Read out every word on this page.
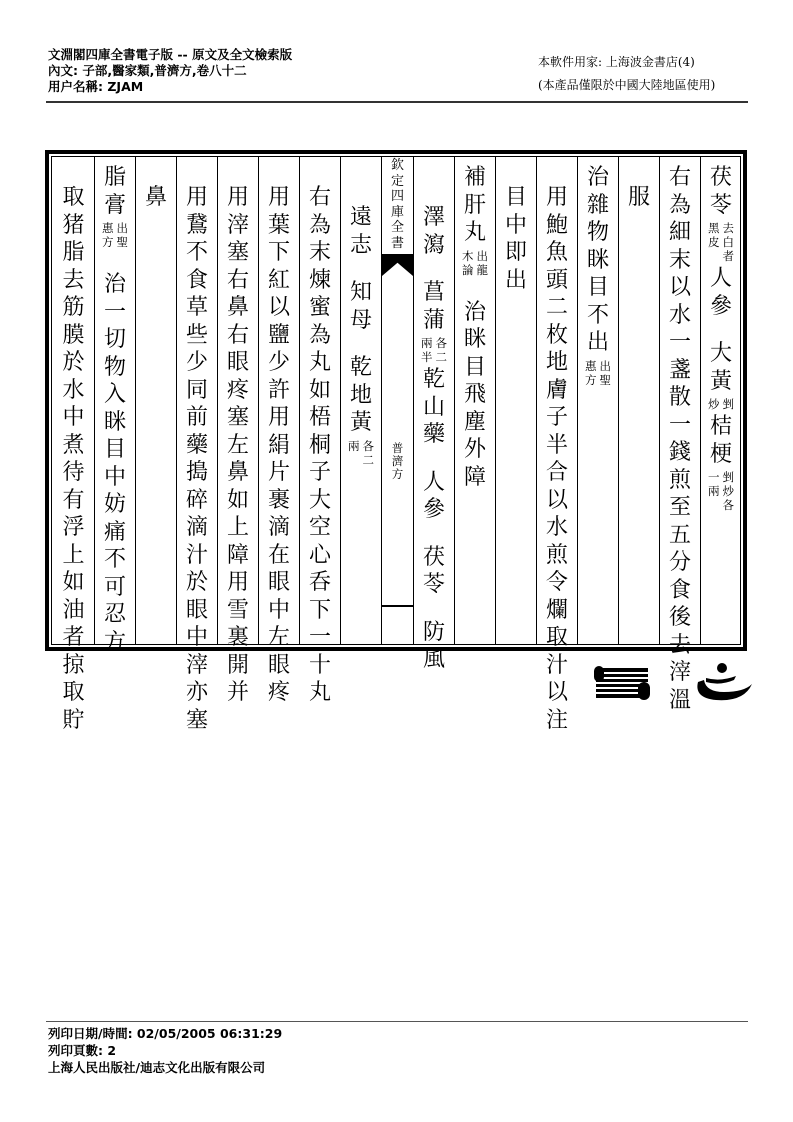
文淵閣四庫全書電子版 -- 原文及全文檢索版
內文: 子部,醫家類,普濟方,卷八十二
用户名稱: ZJAM
本軟件用家: 上海波金書店(4)
(本產品僅限於中國大陸地區使用)
茯
苓
去
白
者
黑
皮
人
參
大
黃
剉
炒
桔
梗
剉
炒
各
一
兩
右
為
細
末
以
水
一
盞
散
一
錢
煎
至
五
分
食
後
去
滓
溫
服
治
雜
物
眯
目
不
出
出
聖
惠
方
用
鮑
魚
頭
二
枚
地
膚
子
半
合
以
水
煎
令
爛
取
汁
以
注
目
中
即
出
補
肝
丸
出
龍
木
論
治
眯
目
飛
塵
外
障
澤
瀉
菖
蒲
各
二
兩
半
乾
山
藥
人
參
茯
苓
防
風
欽
定
四
庫
全
書
普
濟
方
遠
志
知
母
乾
地
黃
各
二
兩
右
為
末
煉
蜜
為
丸
如
梧
桐
子
大
空
心
呑
下
一
十
丸
用
葉
下
紅
以
鹽
少
許
用
絹
片
裹
滴
在
眼
中
左
眼
疼
用
滓
塞
右
鼻
右
眼
疼
塞
左
鼻
如
上
障
用
雪
裏
開
并
用
鵞
不
食
草
些
少
同
前
藥
搗
碎
滴
汁
於
眼
中
滓
亦
塞
鼻
脂
膏
出
聖
惠
方
治
一
切
物
入
眯
目
中
妨
痛
不
可
忍
方
取
猪
脂
去
筋
膜
於
水
中
煮
待
有
浮
上
如
油
者
掠
取
貯
列印日期/時間: 02/05/2005 06:31:29
列印頁數: 2
上海人民出版社/迪志文化出版有限公司
